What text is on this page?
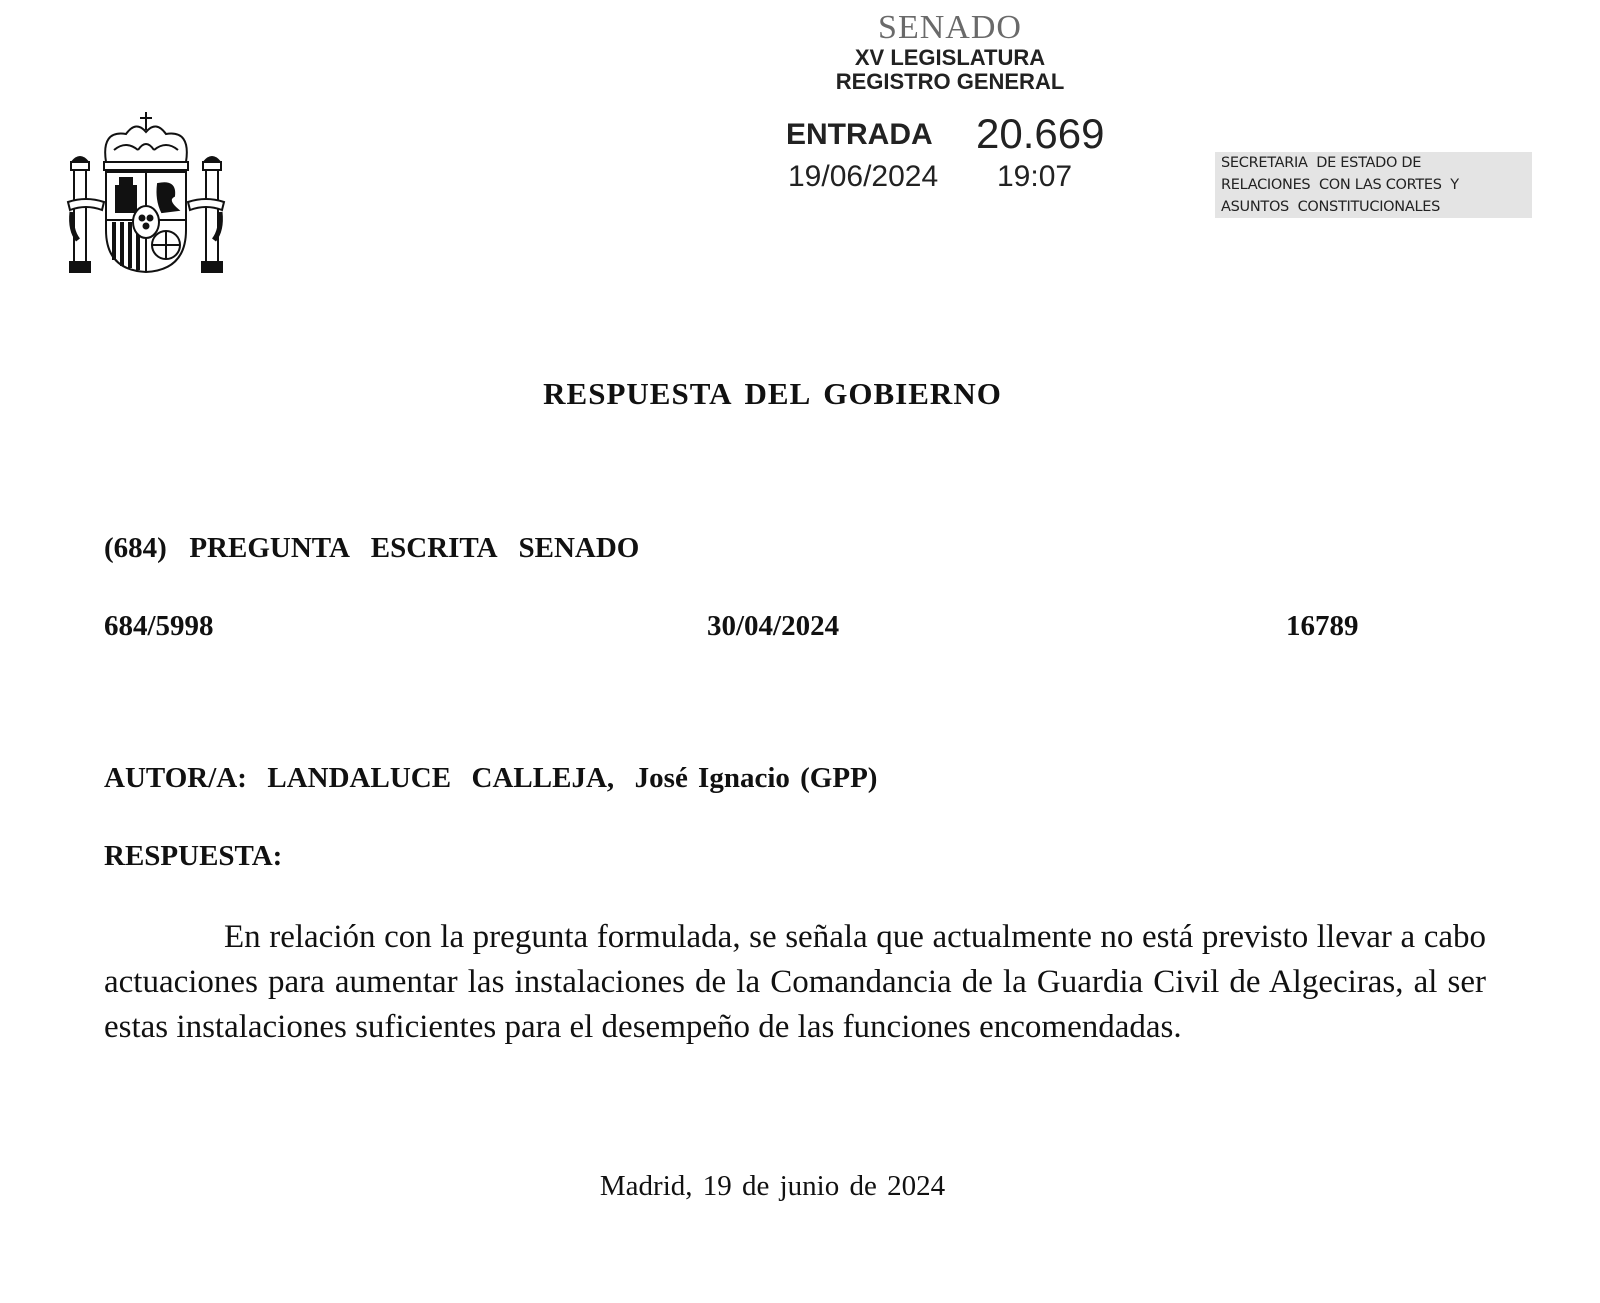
SENADO
XV LEGISLATURA
REGISTRO GENERAL
ENTRADA 20.669
19/06/2024 19:07	SECRETARIA  DE ESTADO DE
RELACIONES  CON LAS CORTES  Y
ASUNTOS  CONSTITUCIONALES
RESPUESTA DEL GOBIERNO
(684)  PREGUNTA  ESCRITA  SENADO
684/5998	30/04/2024	16789
AUTOR/A:  LANDALUCE  CALLEJA,  José Ignacio (GPP)
RESPUESTA:
En relación con la pregunta formulada, se señala que actualmente no está previsto llevar a cabo actuaciones para aumentar las instalaciones de la Comandancia de la Guardia Civil de Algeciras, al ser estas instalaciones suficientes para el desempeño de las funciones encomendadas.
Madrid, 19 de junio de 2024
